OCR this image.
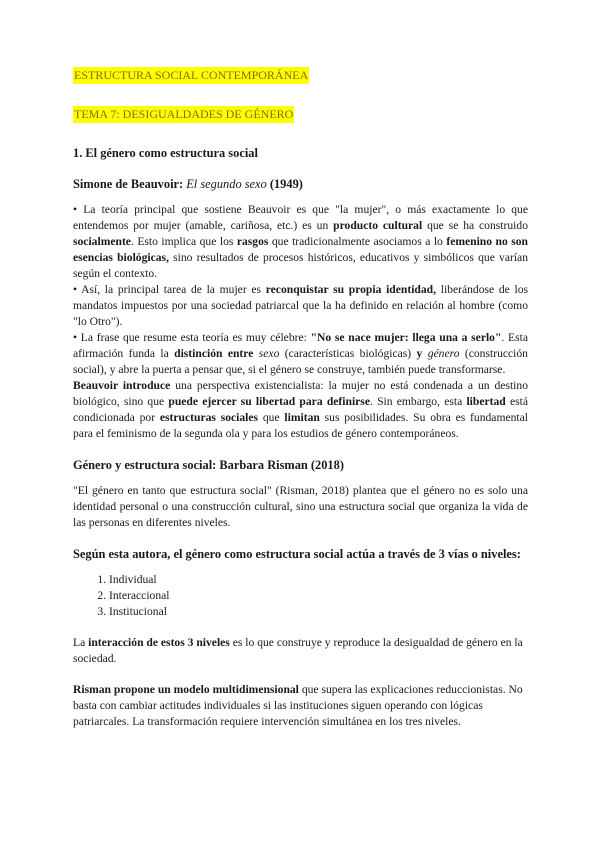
ESTRUCTURA SOCIAL CONTEMPORÁNEA

TEMA 7: DESIGUALDADES DE GÉNERO

1. El género como estructura social

Simone de Beauvoir: El segundo sexo (1949)

• La teoría principal que sostiene Beauvoir es que "la mujer", o más exactamente lo que entendemos por mujer (amable, cariñosa, etc.) es un producto cultural que se ha construido socialmente. Esto implica que los rasgos que tradicionalmente asociamos a lo femenino no son esencias biológicas, sino resultados de procesos históricos, educativos y simbólicos que varían según el contexto.

• Así, la principal tarea de la mujer es reconquistar su propia identidad, liberándose de los mandatos impuestos por una sociedad patriarcal que la ha definido en relación al hombre (como "lo Otro").

• La frase que resume esta teoría es muy célebre: "No se nace mujer: llega una a serlo". Esta afirmación funda la distinción entre sexo (características biológicas) y género (construcción social), y abre la puerta a pensar que, si el género se construye, también puede transformarse.

Beauvoir introduce una perspectiva existencialista: la mujer no está condenada a un destino biológico, sino que puede ejercer su libertad para definirse. Sin embargo, esta libertad está condicionada por estructuras sociales que limitan sus posibilidades. Su obra es fundamental para el feminismo de la segunda ola y para los estudios de género contemporáneos.

Género y estructura social: Barbara Risman (2018)

"El género en tanto que estructura social" (Risman, 2018) plantea que el género no es solo una identidad personal o una construcción cultural, sino una estructura social que organiza la vida de las personas en diferentes niveles.

Según esta autora, el género como estructura social actúa a través de 3 vías o niveles:

1. Individual
2. Interaccional
3. Institucional

La interacción de estos 3 niveles es lo que construye y reproduce la desigualdad de género en la sociedad.

Risman propone un modelo multidimensional que supera las explicaciones reduccionistas. No basta con cambiar actitudes individuales si las instituciones siguen operando con lógicas patriarcales. La transformación requiere intervención simultánea en los tres niveles.
